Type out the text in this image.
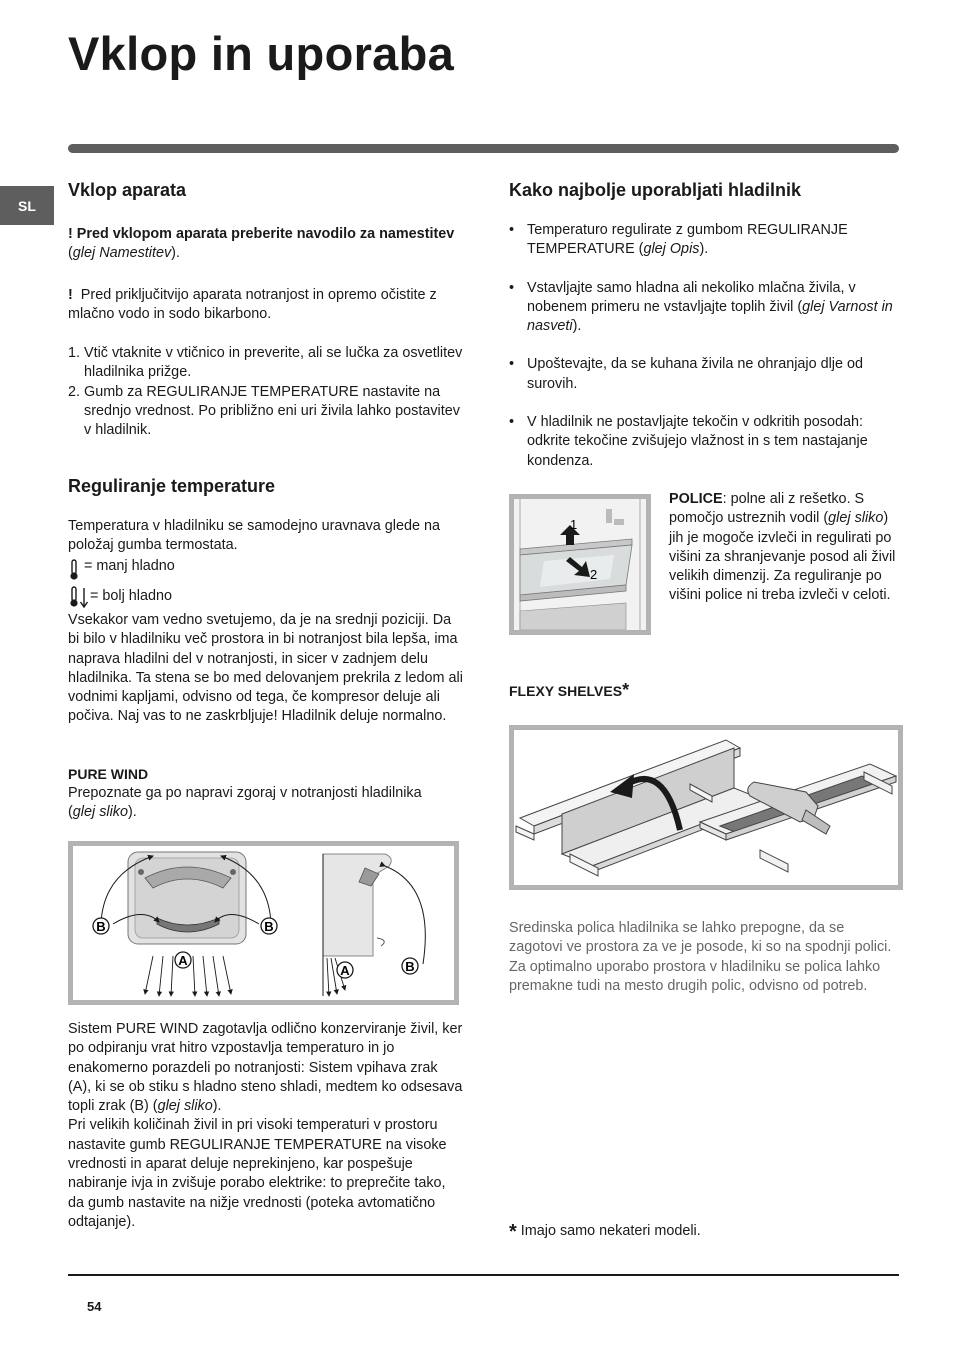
Vklop in uporaba
SL
Vklop aparata

! Pred vklopom aparata preberite navodilo za namestitev (glej Namestitev).

! Pred priključitvijo aparata notranjost in opremo očistite z mlačno vodo in sodo bikarbono.

1. Vtič vtaknite v vtičnico in preverite, ali se lučka za osvetlitev hladilnika prižge.
2. Gumb za REGULIRANJE TEMPERATURE nastavite na srednjo vrednost. Po približno eni uri živila lahko postavitev v hladilnik.
Reguliranje temperature
Temperatura v hladilniku se samodejno uravnava glede na položaj gumba termostata.
= manj hladno
= bolj hladno
Vsekakor vam vedno svetujemo, da je na srednji poziciji. Da bi bilo v hladilniku več prostora in bi notranjost bila lepša, ima naprava hladilni del v notranjosti, in sicer v zadnjem delu hladilnika. Ta stena se bo med delovanjem prekrila z ledom ali vodnimi kapljami, odvisno od tega, če kompresor deluje ali počiva. Naj vas to ne zaskrbljuje! Hladilnik deluje normalno.
PURE WIND
Prepoznate ga po napravi zgoraj v notranjosti hladilnika
(glej sliko).
B	B
A
A	B
Sistem PURE WIND zagotavlja odlično konzerviranje živil, ker po odpiranju vrat hitro vzpostavlja temperaturo in jo enakomerno porazdeli po notranjosti: Sistem vpihava zrak (A), ki se ob stiku s hladno steno shladi, medtem ko odsesava topli zrak (B) (glej sliko).
Pri velikih količinah živil in pri visoki temperaturi v prostoru nastavite gumb REGULIRANJE TEMPERATURE na visoke vrednosti in aparat deluje neprekinjeno, kar pospešuje nabiranje ivja in zvišuje porabo elektrike: to preprečite tako, da gumb nastavite na nižje vrednosti (poteka avtomatično odtajanje).
Kako najbolje uporabljati hladilnik
• Temperaturo regulirate z gumbom REGULIRANJE TEMPERATURE (glej Opis).
• Vstavljajte samo hladna ali nekoliko mlačna živila, v nobenem primeru ne vstavljajte toplih živil (glej Varnost in nasveti).
• Upoštevajte, da se kuhana živila ne ohranjajo dlje od surovih.
• V hladilnik ne postavljajte tekočin v odkritih posodah: odkrite tekočine zvišujejo vlažnost in s tem nastajanje kondenza.
1
2
POLICE: polne ali z rešetko. S pomočjo ustreznih vodil (glej sliko) jih je mogoče izvleči in regulirati po višini za shranjevanje posod ali živil velikih dimenzij. Za reguliranje po višini police ni treba izvleči v celoti.
FLEXY SHELVES*
Sredinska polica hladilnika se lahko prepogne, da se zagotovi ve prostora za ve je posode, ki so na spodnji polici.
Za optimalno uporabo prostora v hladilniku se polica lahko premakne tudi na mesto drugih polic, odvisno od potreb.
* Imajo samo nekateri modeli.
54
